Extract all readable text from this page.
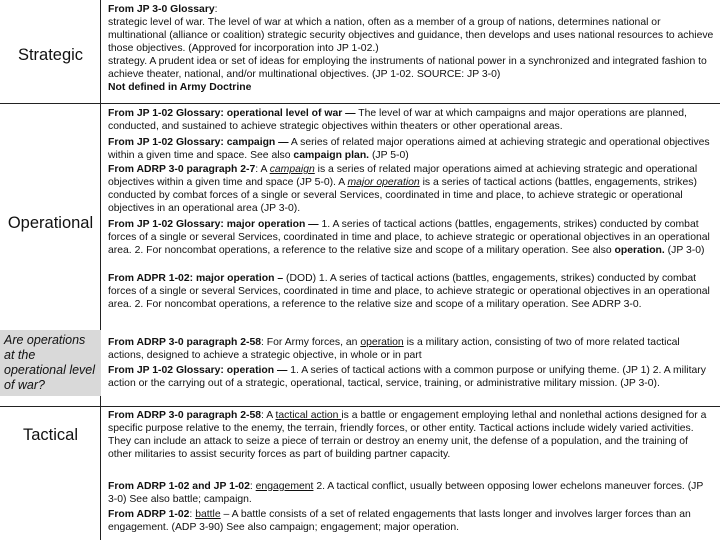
Strategic
Operational
Are operations at the operational level of war?
Tactical

From JP 3-0 Glossary:

strategic level of war. The level of war at which a nation, often as a member of a group of nations, determines national or multinational (alliance or coalition) strategic security objectives and guidance, then develops and uses national resources to achieve those objectives. (Approved for incorporation into JP 1-02.)

strategy. A prudent idea or set of ideas for employing the instruments of national power in a synchronized and integrated fashion to achieve theater, national, and/or multinational objectives. (JP 1-02. SOURCE: JP 3-0)

Not defined in Army Doctrine

From JP 1-02 Glossary: operational level of war — The level of war at which campaigns and major operations are planned, conducted, and sustained to achieve strategic objectives within theaters or other operational areas.
From JP 1-02 Glossary: campaign — A series of related major operations aimed at achieving strategic and operational objectives within a given time and space. See also campaign plan. (JP 5-0)
From ADRP 3-0 paragraph 2-7: A campaign is a series of related major operations aimed at achieving strategic and operational objectives within a given time and space (JP 5-0). A major operation is a series of tactical actions (battles, engagements, strikes) conducted by combat forces of a single or several Services, coordinated in time and place, to achieve strategic or operational objectives in an operational area (JP 3-0).
From JP 1-02 Glossary: major operation — 1. A series of tactical actions (battles, engagements, strikes) conducted by combat forces of a single or several Services, coordinated in time and place, to achieve strategic or operational objectives in an operational area. 2. For noncombat operations, a reference to the relative size and scope of a military operation. See also operation. (JP 3-0)
From ADPR 1-02: major operation – (DOD) 1. A series of tactical actions (battles, engagements, strikes) conducted by combat forces of a single or several Services, coordinated in time and place, to achieve strategic or operational objectives in an operational area. 2. For noncombat operations, a reference to the relative size and scope of a military operation. See ADRP 3-0.
From ADRP 3-0 paragraph 2-58: For Army forces, an operation is a military action, consisting of two of more related tactical actions, designed to achieve a strategic objective, in whole or in part
From JP 1-02 Glossary: operation — 1. A series of tactical actions with a common purpose or unifying theme. (JP 1) 2. A military action or the carrying out of a strategic, operational, tactical, service, training, or administrative military mission. (JP 3-0).
From ADRP 3-0 paragraph 2-58: A tactical action is a battle or engagement employing lethal and nonlethal actions designed for a specific purpose relative to the enemy, the terrain, friendly forces, or other entity. Tactical actions include widely varied activities. They can include an attack to seize a piece of terrain or destroy an enemy unit, the defense of a population, and the training of other militaries to assist security forces as part of building partner capacity.
From ADRP 1-02 and JP 1-02: engagement 2. A tactical conflict, usually between opposing lower echelons maneuver forces. (JP 3-0) See also battle; campaign.
From ADRP 1-02: battle – A battle consists of a set of related engagements that lasts longer and involves larger forces than an engagement. (ADP 3-90) See also campaign; engagement; major operation.
